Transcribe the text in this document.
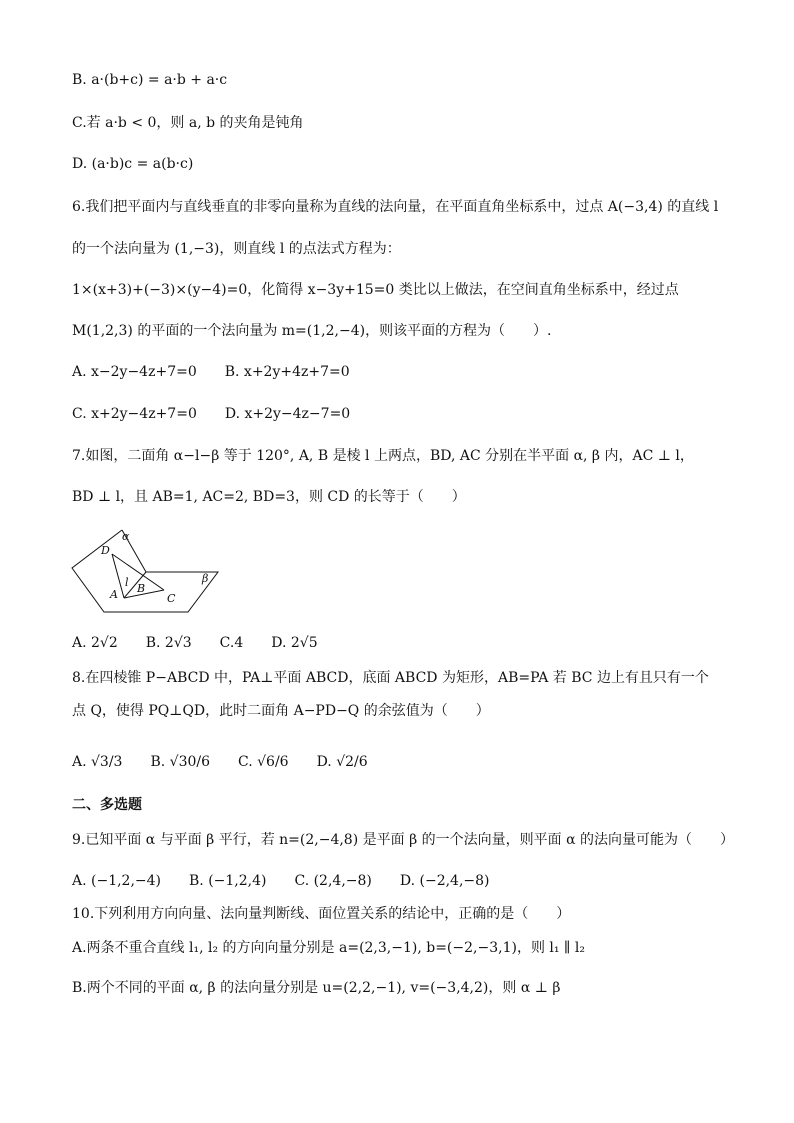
B. a·(b+c) = a·b + a·c
C.若 a·b < 0，则 a, b 的夹角是钝角
D. (a·b)c = a(b·c)
6.我们把平面内与直线垂直的非零向量称为直线的法向量，在平面直角坐标系中，过点 A(−3,4) 的直线 l
的一个法向量为 (1,−3)，则直线 l 的点法式方程为：
1×(x+3)+(−3)×(y−4)=0，化简得 x−3y+15=0 类比以上做法，在空间直角坐标系中，经过点
M(1,2,3) 的平面的一个法向量为 m=(1,2,−4)，则该平面的方程为（　　）.
A. x−2y−4z+7=0　　B. x+2y+4z+7=0
C. x+2y−4z+7=0　　D. x+2y−4z−7=0
7.如图，二面角 α−l−β 等于 120°, A, B 是棱 l 上两点，BD, AC 分别在半平面 α, β 内，AC ⊥ l，
BD ⊥ l，且 AB=1, AC=2, BD=3，则 CD 的长等于（　　）
α
β
D
l
A B
C
A. 2√2　　B. 2√3　　C.4　　D. 2√5
8.在四棱锥 P−ABCD 中，PA⊥平面 ABCD，底面 ABCD 为矩形，AB=PA 若 BC 边上有且只有一个
点 Q，使得 PQ⊥QD，此时二面角 A−PD−Q 的余弦值为（　　）
A. √3/3　　B. √30/6　　C. √6/6　　D. √2/6
二、多选题
9.已知平面 α 与平面 β 平行，若 n=(2,−4,8) 是平面 β 的一个法向量，则平面 α 的法向量可能为（　　）
A. (−1,2,−4)　　B. (−1,2,4)　　C. (2,4,−8)　　D. (−2,4,−8)
10.下列利用方向向量、法向量判断线、面位置关系的结论中，正确的是（　　）
A.两条不重合直线 l₁, l₂ 的方向向量分别是 a=(2,3,−1), b=(−2,−3,1)，则 l₁ ∥ l₂
B.两个不同的平面 α, β 的法向量分别是 u=(2,2,−1), v=(−3,4,2)，则 α ⊥ β
